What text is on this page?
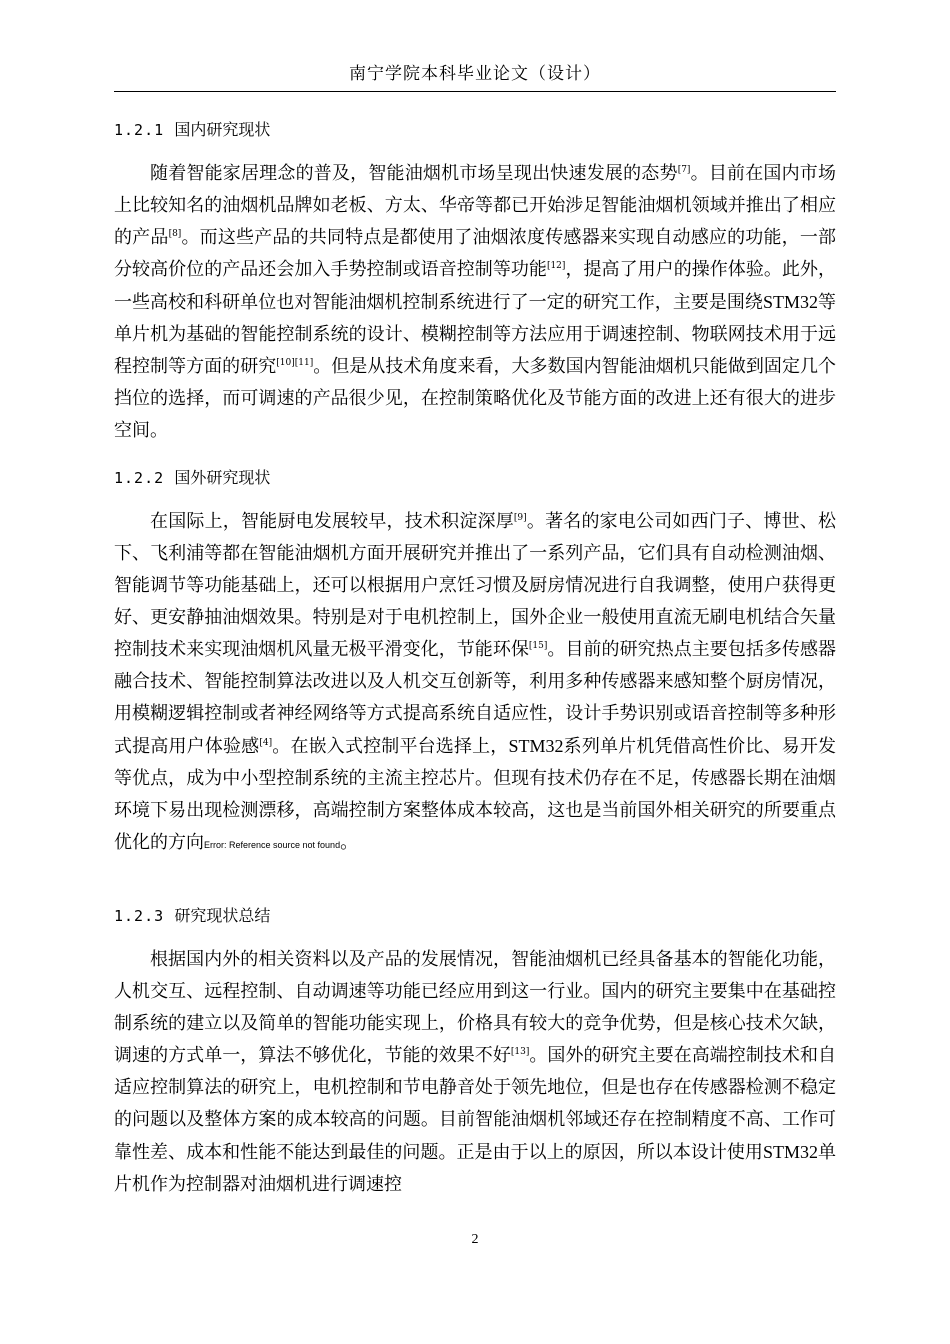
南宁学院本科毕业论文（设计）
1.2.1 国内研究现状

随着智能家居理念的普及，智能油烟机市场呈现出快速发展的态势[7]。目前在国内市场上比较知名的油烟机品牌如老板、方太、华帝等都已开始涉足智能油烟机领域并推出了相应的产品[8]。而这些产品的共同特点是都使用了油烟浓度传感器来实现自动感应的功能，一部分较高价位的产品还会加入手势控制或语音控制等功能[12]，提高了用户的操作体验。此外，一些高校和科研单位也对智能油烟机控制系统进行了一定的研究工作，主要是围绕STM32等单片机为基础的智能控制系统的设计、模糊控制等方法应用于调速控制、物联网技术用于远程控制等方面的研究[10][11]。但是从技术角度来看，大多数国内智能油烟机只能做到固定几个挡位的选择，而可调速的产品很少见，在控制策略优化及节能方面的改进上还有很大的进步空间。

1.2.2 国外研究现状

在国际上，智能厨电发展较早，技术积淀深厚[9]。著名的家电公司如西门子、博世、松下、飞利浦等都在智能油烟机方面开展研究并推出了一系列产品，它们具有自动检测油烟、智能调节等功能基础上，还可以根据用户烹饪习惯及厨房情况进行自我调整，使用户获得更好、更安静抽油烟效果。特别是对于电机控制上，国外企业一般使用直流无刷电机结合矢量控制技术来实现油烟机风量无极平滑变化，节能环保[15]。目前的研究热点主要包括多传感器融合技术、智能控制算法改进以及人机交互创新等，利用多种传感器来感知整个厨房情况，用模糊逻辑控制或者神经网络等方式提高系统自适应性，设计手势识别或语音控制等多种形式提高用户体验感[4]。在嵌入式控制平台选择上，STM32系列单片机凭借高性价比、易开发等优点，成为中小型控制系统的主流主控芯片。但现有技术仍存在不足，传感器长期在油烟环境下易出现检测漂移，高端控制方案整体成本较高，这也是当前国外相关研究的所要重点优化的方向Error: Reference source not found。

1.2.3 研究现状总结

根据国内外的相关资料以及产品的发展情况，智能油烟机已经具备基本的智能化功能，人机交互、远程控制、自动调速等功能已经应用到这一行业。国内的研究主要集中在基础控制系统的建立以及简单的智能功能实现上，价格具有较大的竞争优势，但是核心技术欠缺，调速的方式单一，算法不够优化，节能的效果不好[13]。国外的研究主要在高端控制技术和自适应控制算法的研究上，电机控制和节电静音处于领先地位，但是也存在传感器检测不稳定的问题以及整体方案的成本较高的问题。目前智能油烟机邻域还存在控制精度不高、工作可靠性差、成本和性能不能达到最佳的问题。正是由于以上的原因，所以本设计使用STM32单片机作为控制器对油烟机进行调速控

2
